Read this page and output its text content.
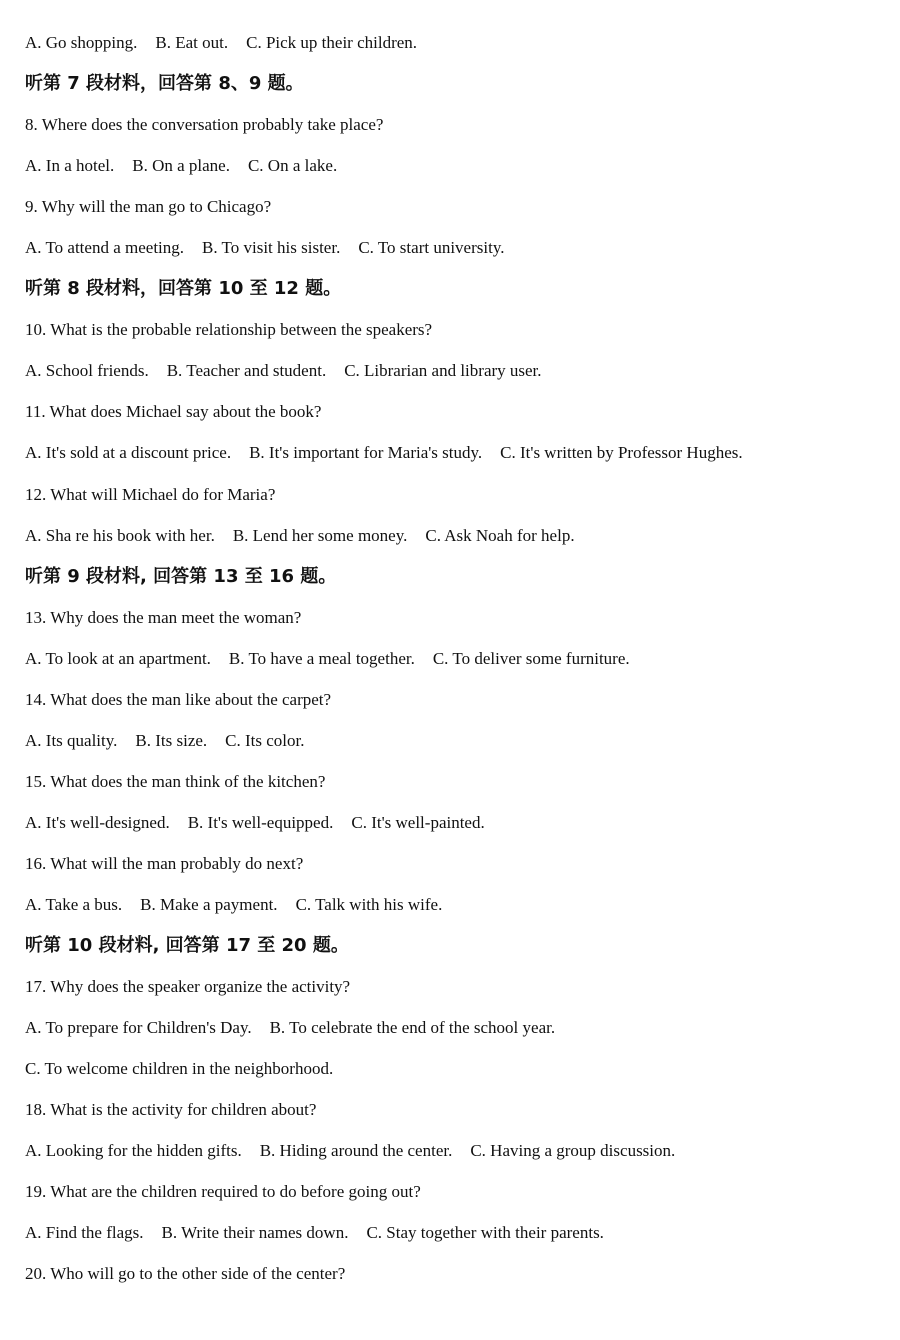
A. Go shopping. B. Eat out. C. Pick up their children.
听第 7 段材料，回答第 8、9 题。
8. Where does the conversation probably take place?
A. In a hotel. B. On a plane. C. On a lake.
9. Why will the man go to Chicago?
A. To attend a meeting. B. To visit his sister. C. To start university.
听第 8 段材料，回答第 10 至 12 题。
10. What is the probable relationship between the speakers?
A. School friends. B. Teacher and student. C. Librarian and library user.
11. What does Michael say about the book?
A. It's sold at a discount price. B. It's important for Maria's study. C. It's written by Professor Hughes.
12. What will Michael do for Maria?
A. Sha re his book with her. B. Lend her some money. C. Ask Noah for help.
听第 9 段材料, 回答第 13 至 16 题。
13. Why does the man meet the woman?
A. To look at an apartment. B. To have a meal together. C. To deliver some furniture.
14. What does the man like about the carpet?
A. Its quality. B. Its size. C. Its color.
15. What does the man think of the kitchen?
A. It's well-designed. B. It's well-equipped. C. It's well-painted.
16. What will the man probably do next?
A. Take a bus. B. Make a payment. C. Talk with his wife.
听第 10 段材料, 回答第 17 至 20 题。
17. Why does the speaker organize the activity?
A. To prepare for Children's Day. B. To celebrate the end of the school year.
C. To welcome children in the neighborhood.
18. What is the activity for children about?
A. Looking for the hidden gifts. B. Hiding around the center. C. Having a group discussion.
19. What are the children required to do before going out?
A. Find the flags. B. Write their names down. C. Stay together with their parents.
20. Who will go to the other side of the center?
